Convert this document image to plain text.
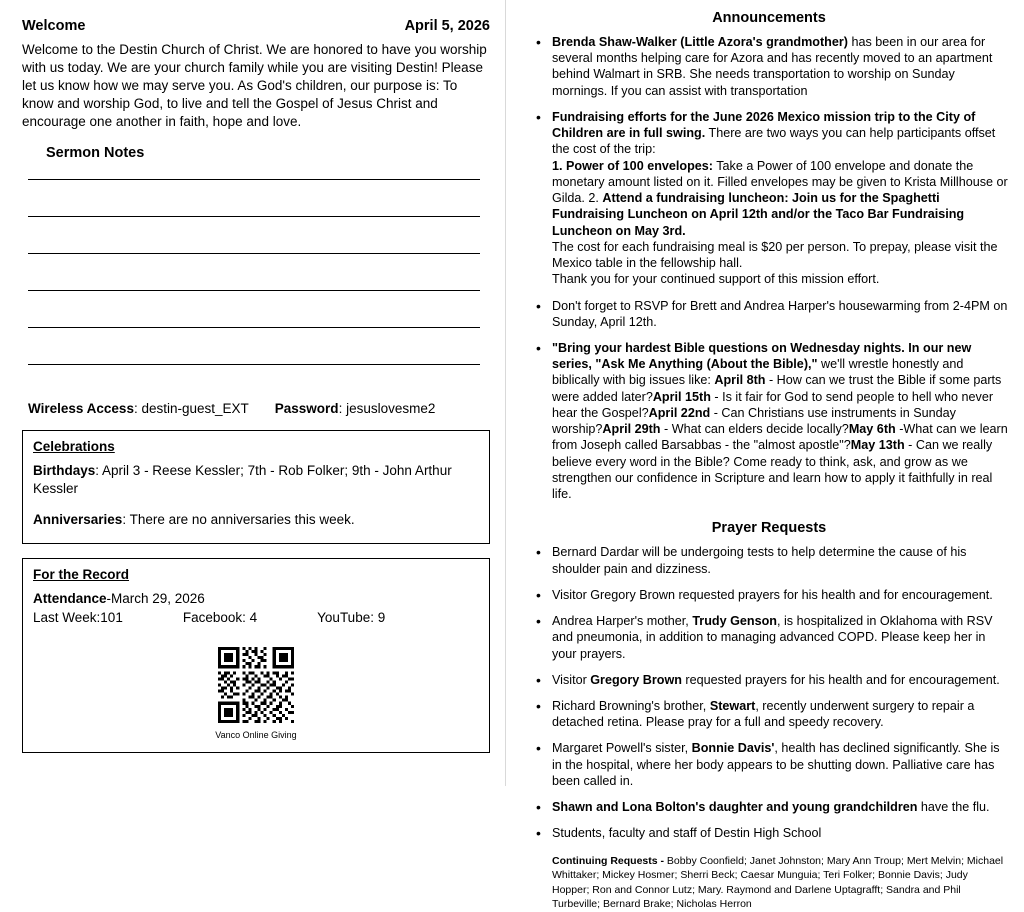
Welcome	April 5, 2026
Welcome to the Destin Church of Christ. We are honored to have you worship with us today. We are your church family while you are visiting Destin! Please let us know how we may serve you. As God's children, our purpose is: To know and worship God, to live and tell the Gospel of Jesus Christ and encourage one another in faith, hope and love.
Sermon Notes
Wireless Access: destin-guest_EXT Password: jesuslovesme2
Celebrations

Birthdays: April 3 - Reese Kessler; 7th - Rob Folker; 9th - John Arthur Kessler

Anniversaries: There are no anniversaries this week.

For the Record

Attendance-March 29, 2026

Last Week:101	Facebook: 4	YouTube: 9
Vanco Online Giving
Announcements
• Brenda Shaw-Walker (Little Azora's grandmother) has been in our area for several months helping care for Azora and has recently moved to an apartment behind Walmart in SRB. She needs transportation to worship on Sunday mornings. If you can assist with transportation
• Fundraising efforts for the June 2026 Mexico mission trip to the City of Children are in full swing. There are two ways you can help participants offset the cost of the trip:
1. Power of 100 envelopes: Take a Power of 100 envelope and donate the monetary amount listed on it. Filled envelopes may be given to Krista Millhouse or Gilda. 2. Attend a fundraising luncheon: Join us for the Spaghetti Fundraising Luncheon on April 12th and/or the Taco Bar Fundraising Luncheon on May 3rd.
The cost for each fundraising meal is $20 per person. To prepay, please visit the Mexico table in the fellowship hall.
Thank you for your continued support of this mission effort.
• Don't forget to RSVP for Brett and Andrea Harper's housewarming from 2-4PM on Sunday, April 12th.
• "Bring your hardest Bible questions on Wednesday nights. In our new series, "Ask Me Anything (About the Bible)," we'll wrestle honestly and biblically with big issues like: April 8th - How can we trust the Bible if some parts were added later?April 15th - Is it fair for God to send people to hell who never hear the Gospel?April 22nd - Can Christians use instruments in Sunday worship?April 29th - What can elders decide locally?May 6th -What can we learn from Joseph called Barsabbas - the "almost apostle"?May 13th - Can we really believe every word in the Bible? Come ready to think, ask, and grow as we strengthen our confidence in Scripture and learn how to apply it faithfully in real life.
Prayer Requests
• Bernard Dardar will be undergoing tests to help determine the cause of his shoulder pain and dizziness.
• Visitor Gregory Brown requested prayers for his health and for encouragement.
• Andrea Harper's mother, Trudy Genson, is hospitalized in Oklahoma with RSV and pneumonia, in addition to managing advanced COPD. Please keep her in your prayers.
• Visitor Gregory Brown requested prayers for his health and for encouragement.
• Richard Browning's brother, Stewart, recently underwent surgery to repair a detached retina. Please pray for a full and speedy recovery.
• Margaret Powell's sister, Bonnie Davis', health has declined significantly. She is in the hospital, where her body appears to be shutting down. Palliative care has been called in.
• Shawn and Lona Bolton's daughter and young grandchildren have the flu.
• Students, faculty and staff of Destin High School
Continuing Requests - Bobby Coonfield; Janet Johnston; Mary Ann Troup; Mert Melvin; Michael Whittaker; Mickey Hosmer; Sherri Beck; Caesar Munguia; Teri Folker; Bonnie Davis; Judy Hopper; Ron and Connor Lutz; Mary. Raymond and Darlene Uptagrafft; Sandra and Phil Turbeville; Bernard Brake; Nicholas Herron
